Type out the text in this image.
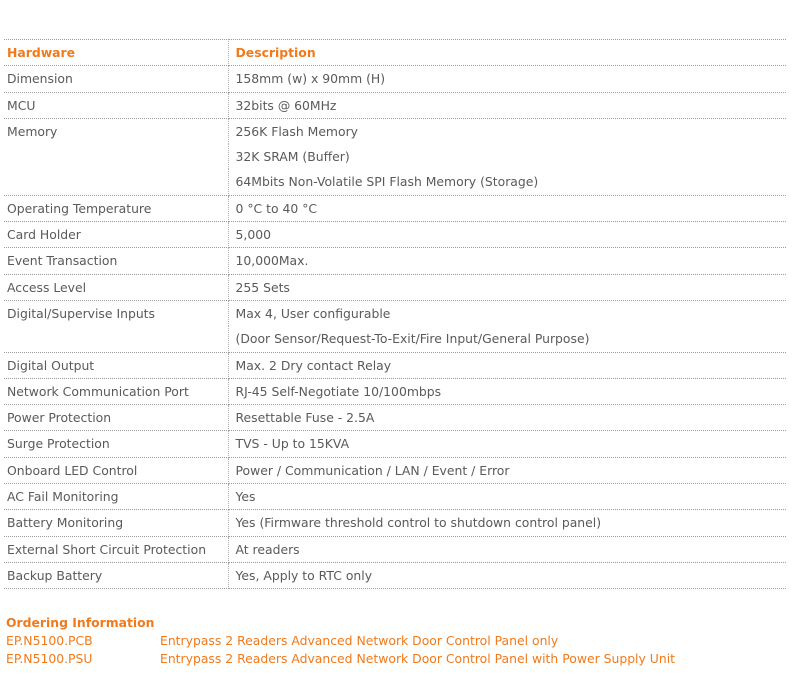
Hardware	Description
Dimension	158mm (w) x 90mm (H)
MCU	32bits @ 60MHz
Memory	256K Flash Memory
	32K SRAM (Buffer)
	64Mbits Non-Volatile SPI Flash Memory (Storage)
Operating Temperature	0 °C to 40 °C
Card Holder	5,000
Event Transaction	10,000Max.
Access Level	255 Sets
Digital/Supervise Inputs	Max 4, User configurable
	(Door Sensor/Request-To-Exit/Fire Input/General Purpose)
Digital Output	Max. 2 Dry contact Relay
Network Communication Port	RJ-45 Self-Negotiate 10/100mbps
Power Protection	Resettable Fuse - 2.5A
Surge Protection	TVS - Up to 15KVA
Onboard LED Control	Power / Communication / LAN / Event / Error
AC Fail Monitoring	Yes
Battery Monitoring	Yes (Firmware threshold control to shutdown control panel)
External Short Circuit Protection	At readers
Backup Battery	Yes, Apply to RTC only
Ordering Information
EP.N5100.PCB	Entrypass 2 Readers Advanced Network Door Control Panel only
EP.N5100.PSU	Entrypass 2 Readers Advanced Network Door Control Panel with Power Supply Unit
